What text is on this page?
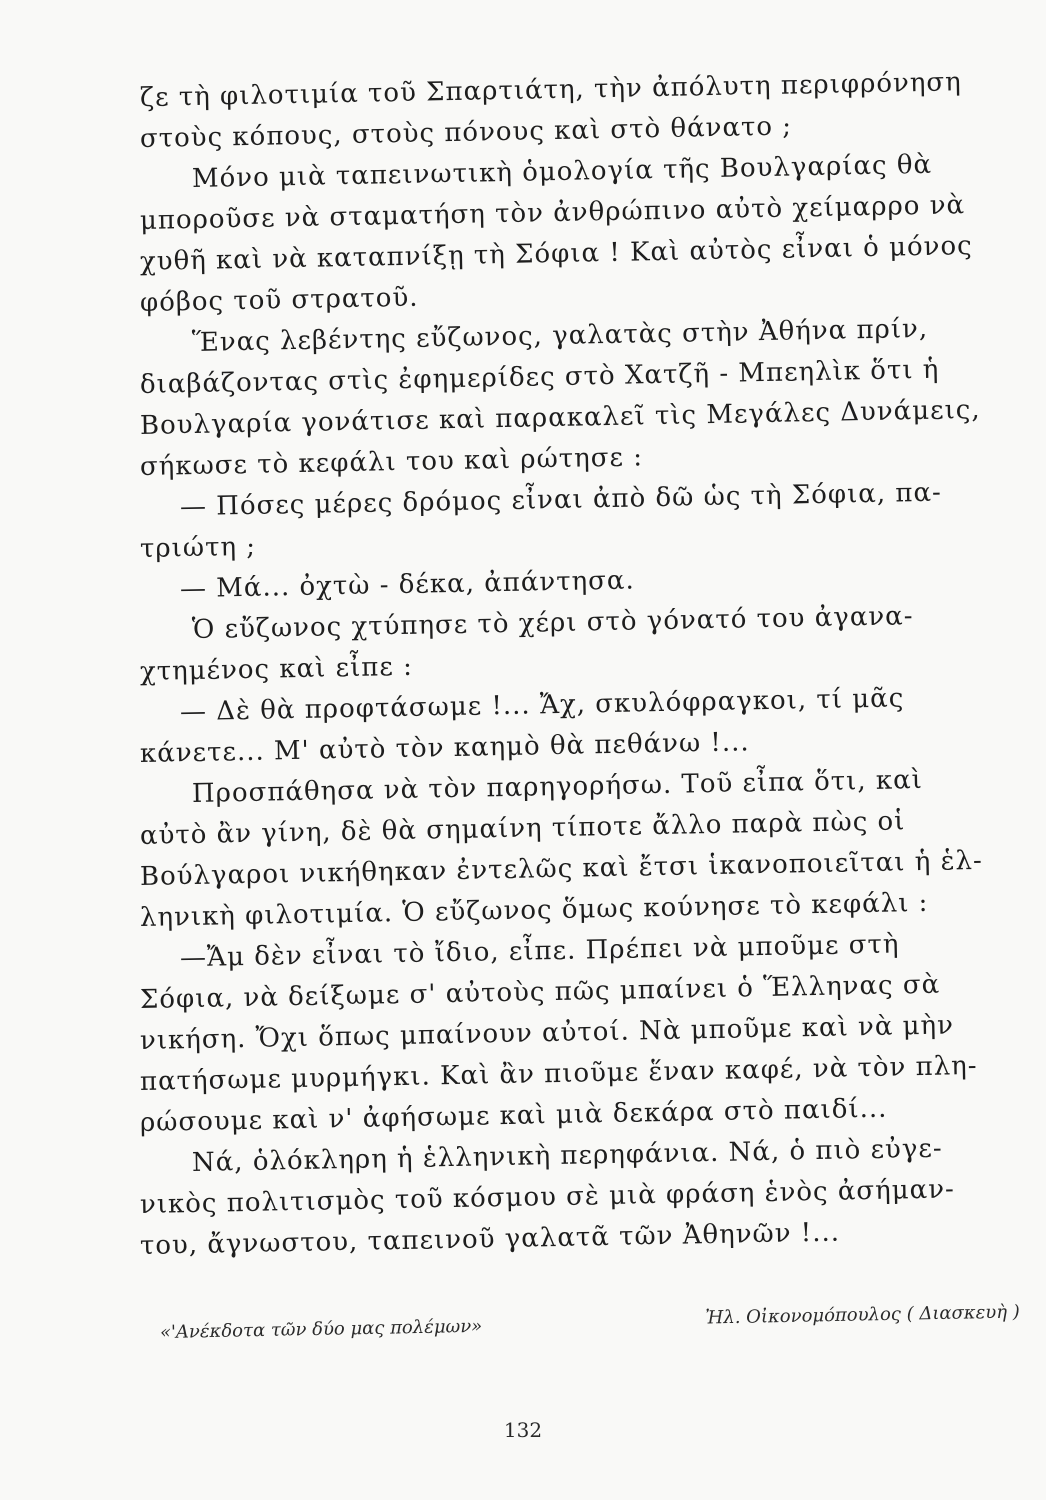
ζε τὴ φιλοτιμία τοῦ Σπαρτιάτη, τὴν ἀπόλυτη περιφρόνηση
στοὺς κόπους, στοὺς πόνους καὶ στὸ θάνατο ;
Μόνο μιὰ ταπεινωτικὴ ὁμολογία τῆς Βουλγαρίας θὰ
μποροῦσε νὰ σταματήση τὸν ἀνθρώπινο αὐτὸ χείμαρρο νὰ
χυθῆ καὶ νὰ καταπνίξῃ τὴ Σόφια ! Καὶ αὐτὸς εἶναι ὁ μόνος
φόβος τοῦ στρατοῦ.
Ἕνας λεβέντης εὔζωνος, γαλατὰς στὴν Ἀθήνα πρίν,
διαβάζοντας στὶς ἐφημερίδες στὸ Χατζῆ - Μπεηλὶκ ὅτι ἡ
Βουλγαρία γονάτισε καὶ παρακαλεῖ τὶς Μεγάλες Δυνάμεις,
σήκωσε τὸ κεφάλι του καὶ ρώτησε :
— Πόσες μέρες δρόμος εἶναι ἀπὸ δῶ ὡς τὴ Σόφια, πα-
τριώτη ;
— Μά... ὀχτὼ - δέκα, ἀπάντησα.
Ὁ εὔζωνος χτύπησε τὸ χέρι στὸ γόνατό του ἀγανα-
χτημένος καὶ εἶπε :
— Δὲ θὰ προφτάσωμε !... Ἄχ, σκυλόφραγκοι, τί μᾶς
κάνετε... Μ' αὐτὸ τὸν καημὸ θὰ πεθάνω !...
Προσπάθησα νὰ τὸν παρηγορήσω. Τοῦ εἶπα ὅτι, καὶ
αὐτὸ ἂν γίνη, δὲ θὰ σημαίνη τίποτε ἄλλο παρὰ πὼς οἱ
Βούλγαροι νικήθηκαν ἐντελῶς καὶ ἔτσι ἱκανοποιεῖται ἡ ἑλ-
ληνικὴ φιλοτιμία. Ὁ εὔζωνος ὅμως κούνησε τὸ κεφάλι :
—Ἄμ δὲν εἶναι τὸ ἴδιο, εἶπε. Πρέπει νὰ μποῦμε στὴ
Σόφια, νὰ δείξωμε σ' αὐτοὺς πῶς μπαίνει ὁ Ἕλληνας σὰ
νικήση. Ὄχι ὅπως μπαίνουν αὐτοί. Νὰ μποῦμε καὶ νὰ μὴν
πατήσωμε μυρμήγκι. Καὶ ἂν πιοῦμε ἕναν καφέ, νὰ τὸν πλη-
ρώσουμε καὶ ν' ἀφήσωμε καὶ μιὰ δεκάρα στὸ παιδί...
Νά, ὁλόκληρη ἡ ἑλληνικὴ περηφάνια. Νά, ὁ πιὸ εὐγε-
νικὸς πολιτισμὸς τοῦ κόσμου σὲ μιὰ φράση ἑνὸς ἀσήμαν-
του, ἄγνωστου, ταπεινοῦ γαλατᾶ τῶν Ἀθηνῶν !...
«'Ανέκδοτα τῶν δύο μας πολέμων»
Ἠλ. Οἰκονομόπουλος ( Διασκευὴ )
132
